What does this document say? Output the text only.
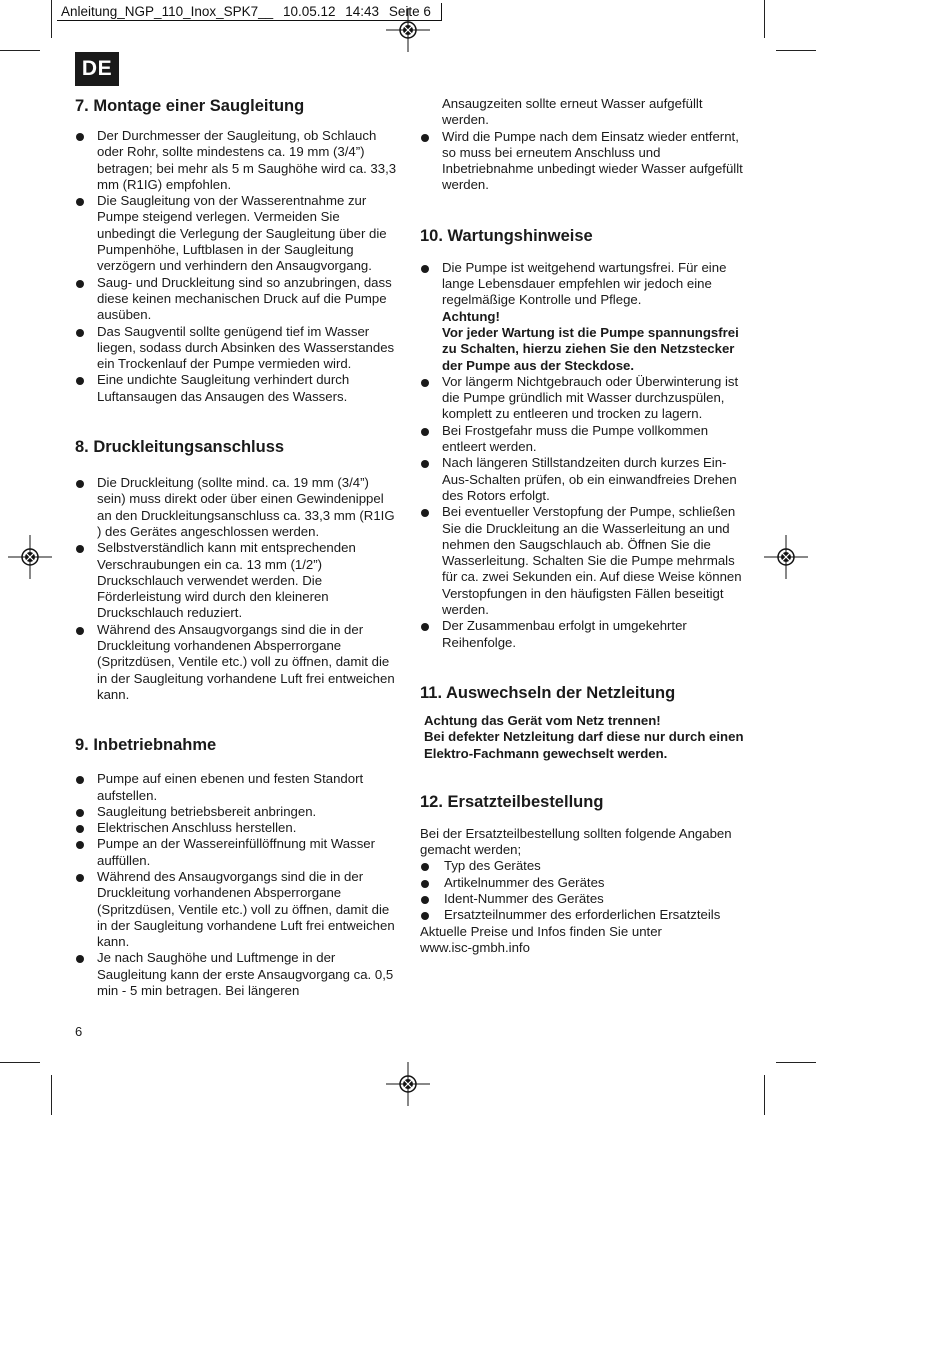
Anleitung_NGP_110_Inox_SPK7__ 10.05.12 14:43 Seite 6
DE
7. Montage einer Saugleitung
Der Durchmesser der Saugleitung, ob Schlauch oder Rohr, sollte mindestens ca. 19 mm (3/4”) betragen; bei mehr als 5 m Saughöhe wird ca. 33,3 mm (R1IG) empfohlen.
Die Saugleitung von der Wasserentnahme zur Pumpe steigend verlegen. Vermeiden Sie unbedingt die Verlegung der Saugleitung über die Pumpenhöhe, Luftblasen in der Saugleitung verzögern und verhindern den Ansaugvorgang.
Saug- und Druckleitung sind so anzubringen, dass diese keinen mechanischen Druck auf die Pumpe ausüben.
Das Saugventil sollte genügend tief im Wasser liegen, sodass durch Absinken des Wasserstandes ein Trockenlauf der Pumpe vermieden wird.
Eine undichte Saugleitung verhindert durch Luftansaugen das Ansaugen des Wassers.
8. Druckleitungsanschluss
Die Druckleitung (sollte mind. ca. 19 mm (3/4”) sein) muss direkt oder über einen Gewindenippel an den Druckleitungsanschluss ca. 33,3 mm (R1IG ) des Gerätes angeschlossen werden.
Selbstverständlich kann mit entsprechenden Verschraubungen ein ca. 13 mm (1/2”) Druckschlauch verwendet werden. Die Förderleistung wird durch den kleineren Druckschlauch reduziert.
Während des Ansaugvorgangs sind die in der Druckleitung vorhandenen Absperrorgane (Spritzdüsen, Ventile etc.) voll zu öffnen, damit die in der Saugleitung vorhandene Luft frei entweichen kann.
9. Inbetriebnahme
Pumpe auf einen ebenen und festen Standort aufstellen.
Saugleitung betriebsbereit anbringen.
Elektrischen Anschluss herstellen.
Pumpe an der Wassereinfüllöffnung mit Wasser auffüllen.
Während des Ansaugvorgangs sind die in der Druckleitung vorhandenen Absperrorgane (Spritzdüsen, Ventile etc.) voll zu öffnen, damit die in der Saugleitung vorhandene Luft frei entweichen kann.
Je nach Saughöhe und Luftmenge in der Saugleitung kann der erste Ansaugvorgang ca. 0,5 min - 5 min betragen. Bei längeren
Ansaugzeiten sollte erneut Wasser aufgefüllt werden.
Wird die Pumpe nach dem Einsatz wieder entfernt, so muss bei erneutem Anschluss und Inbetriebnahme unbedingt wieder Wasser aufgefüllt werden.
10. Wartungshinweise

Die Pumpe ist weitgehend wartungsfrei. Für eine lange Lebensdauer empfehlen wir jedoch eine regelmäßige Kontrolle und Pflege.

Achtung!

Vor jeder Wartung ist die Pumpe spannungsfrei zu Schalten, hierzu ziehen Sie den Netzstecker der Pumpe aus der Steckdose.

Vor längerm Nichtgebrauch oder Überwinterung ist die Pumpe gründlich mit Wasser durchzuspülen, komplett zu entleeren und trocken zu lagern.
Bei Frostgefahr muss die Pumpe vollkommen entleert werden.
Nach längeren Stillstandzeiten durch kurzes Ein-Aus-Schalten prüfen, ob ein einwandfreies Drehen des Rotors erfolgt.
Bei eventueller Verstopfung der Pumpe, schließen Sie die Druckleitung an die Wasserleitung an und nehmen den Saugschlauch ab. Öffnen Sie die Wasserleitung. Schalten Sie die Pumpe mehrmals für ca. zwei Sekunden ein. Auf diese Weise können Verstopfungen in den häufigsten Fällen beseitigt werden.
Der Zusammenbau erfolgt in umgekehrter Reihenfolge.
11. Auswechseln der Netzleitung

Achtung das Gerät vom Netz trennen!

Bei defekter Netzleitung darf diese nur durch einen Elektro-Fachmann gewechselt werden.

12. Ersatzteilbestellung

Bei der Ersatzteilbestellung sollten folgende Angaben gemacht werden;

Typ des Gerätes
Artikelnummer des Gerätes
Ident-Nummer des Gerätes
Ersatzteilnummer des erforderlichen Ersatzteils

Aktuelle Preise und Infos finden Sie unter

www.isc-gmbh.info

6
